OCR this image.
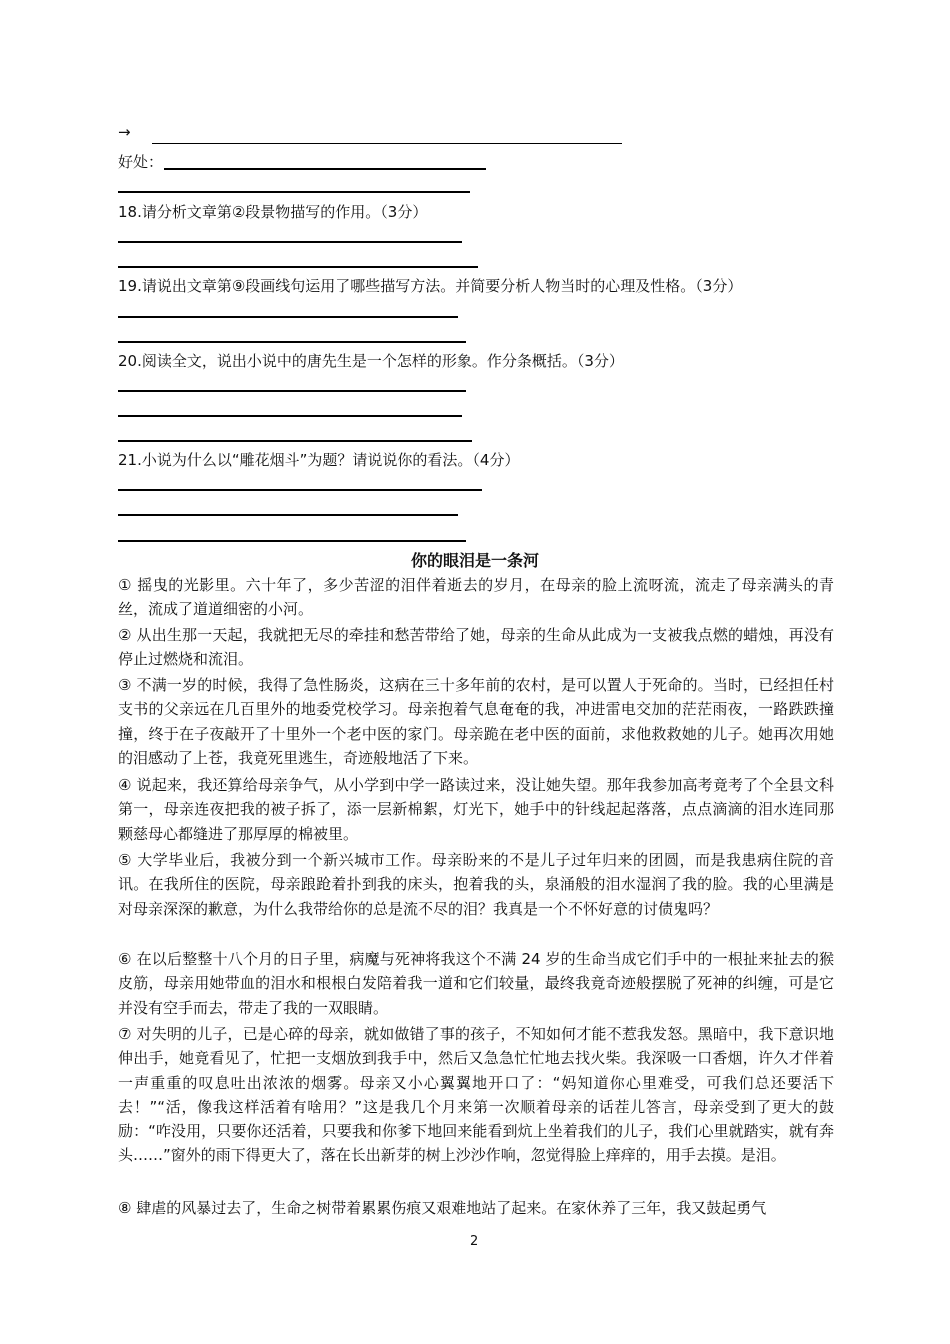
→
好处：
18.请分析文章第②段景物描写的作用。（3分）
19.请说出文章第⑨段画线句运用了哪些描写方法。并简要分析人物当时的心理及性格。（3分）
20.阅读全文，说出小说中的唐先生是一个怎样的形象。作分条概括。（3分）
21.小说为什么以“雕花烟斗”为题？请说说你的看法。（4分）
你的眼泪是一条河
① 摇曳的光影里。六十年了，多少苦涩的泪伴着逝去的岁月，在母亲的脸上流呀流，流走了母亲满头的青丝，流成了道道细密的小河。
② 从出生那一天起，我就把无尽的牵挂和愁苦带给了她，母亲的生命从此成为一支被我点燃的蜡烛，再没有停止过燃烧和流泪。
③ 不满一岁的时候，我得了急性肠炎，这病在三十多年前的农村，是可以置人于死命的。当时，已经担任村支书的父亲远在几百里外的地委党校学习。母亲抱着气息奄奄的我，冲进雷电交加的茫茫雨夜，一路跌跌撞撞，终于在子夜敲开了十里外一个老中医的家门。母亲跪在老中医的面前，求他救救她的儿子。她再次用她的泪感动了上苍，我竟死里逃生，奇迹般地活了下来。
④ 说起来，我还算给母亲争气，从小学到中学一路读过来，没让她失望。那年我参加高考竟考了个全县文科第一，母亲连夜把我的被子拆了，添一层新棉絮，灯光下，她手中的针线起起落落，点点滴滴的泪水连同那颗慈母心都缝进了那厚厚的棉被里。
⑤ 大学毕业后，我被分到一个新兴城市工作。母亲盼来的不是儿子过年归来的团圆，而是我患病住院的音讯。在我所住的医院，母亲踉跄着扑到我的床头，抱着我的头，泉涌般的泪水湿润了我的脸。我的心里满是对母亲深深的歉意，为什么我带给你的总是流不尽的泪？我真是一个不怀好意的讨债鬼吗？
⑥ 在以后整整十八个月的日子里，病魔与死神将我这个不满 24 岁的生命当成它们手中的一根扯来扯去的猴皮筋，母亲用她带血的泪水和根根白发陪着我一道和它们较量，最终我竟奇迹般摆脱了死神的纠缠，可是它并没有空手而去，带走了我的一双眼睛。
⑦ 对失明的儿子，已是心碎的母亲，就如做错了事的孩子，不知如何才能不惹我发怒。黑暗中，我下意识地伸出手，她竟看见了，忙把一支烟放到我手中，然后又急急忙忙地去找火柴。我深吸一口香烟，许久才伴着一声重重的叹息吐出浓浓的烟雾。母亲又小心翼翼地开口了：“妈知道你心里难受，可我们总还要活下去！”“活，像我这样活着有啥用？”这是我几个月来第一次顺着母亲的话茬儿答言，母亲受到了更大的鼓励：“咋没用，只要你还活着，只要我和你爹下地回来能看到炕上坐着我们的儿子，我们心里就踏实，就有奔头……”窗外的雨下得更大了，落在长出新芽的树上沙沙作响，忽觉得脸上痒痒的，用手去摸。是泪。
⑧ 肆虐的风暴过去了，生命之树带着累累伤痕又艰难地站了起来。在家休养了三年，我又鼓起勇气
2
